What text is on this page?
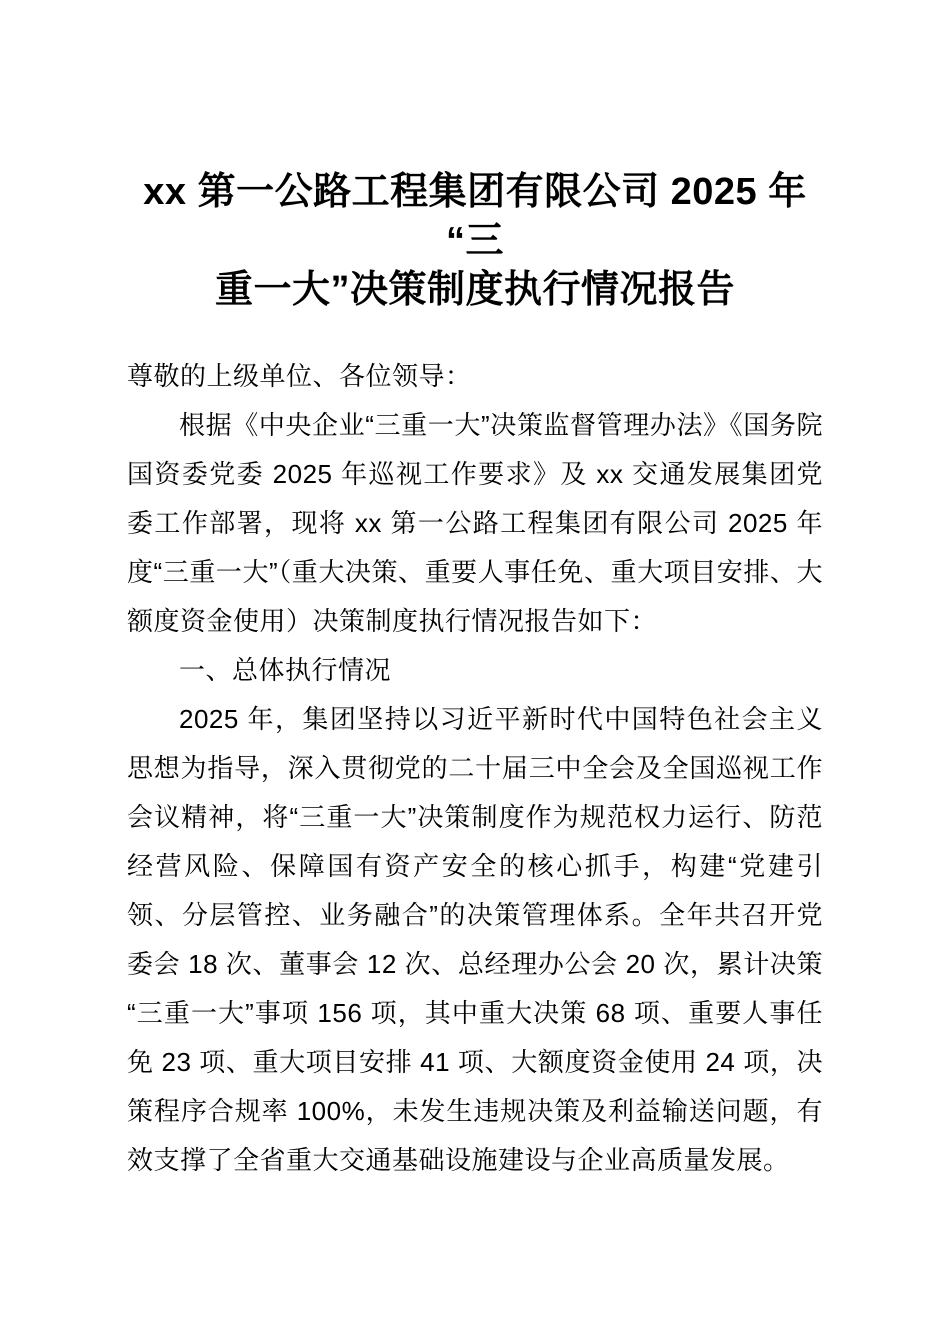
xx 第一公路工程集团有限公司 2025 年“三
重一大”决策制度执行情况报告

尊敬的上级单位、各位领导：

根据《中央企业“三重一大”决策监督管理办法》《国务院国资委党委 2025 年巡视工作要求》及 xx 交通发展集团党委工作部署，现将 xx 第一公路工程集团有限公司 2025 年度“三重一大”（重大决策、重要人事任免、重大项目安排、大额度资金使用）决策制度执行情况报告如下：

一、总体执行情况

2025 年，集团坚持以习近平新时代中国特色社会主义思想为指导，深入贯彻党的二十届三中全会及全国巡视工作会议精神，将“三重一大”决策制度作为规范权力运行、防范经营风险、保障国有资产安全的核心抓手，构建“党建引领、分层管控、业务融合”的决策管理体系。全年共召开党委会 18 次、董事会 12 次、总经理办公会 20 次，累计决策“三重一大”事项 156 项，其中重大决策 68 项、重要人事任免 23 项、重大项目安排 41 项、大额度资金使用 24 项，决策程序合规率 100%，未发生违规决策及利益输送问题，有效支撑了全省重大交通基础设施建设与企业高质量发展。
